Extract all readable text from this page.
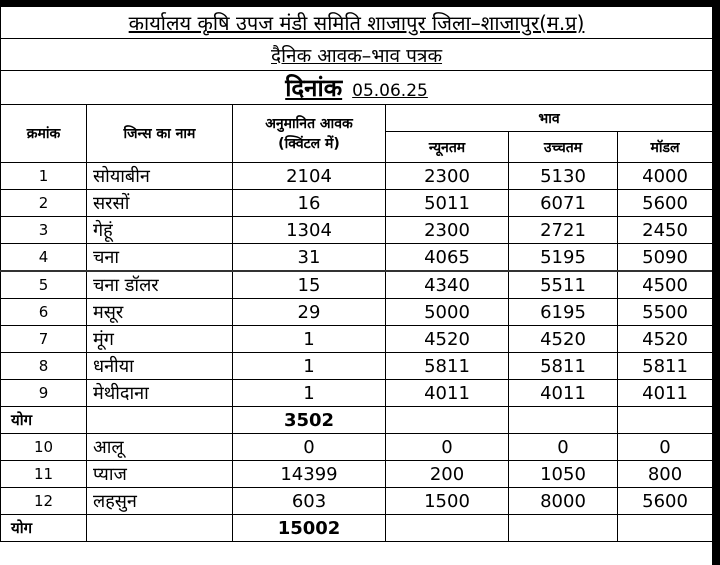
कार्यालय कृषि उपज मंडी समिति शाजापुर जिला–शाजापुर(म.प्र)					
दैनिक आवक–भाव पत्रक					
दिनांक 05.06.25					
क्रमांक	जिन्स का नाम	अनुमानित आवक
(क्विंटल में)	भाव		
			न्यूनतम	उच्चतम	मॉडल
1	सोयाबीन	2104	2300	5130	4000
2	सरसों	16	5011	6071	5600
3	गेहूं	1304	2300	2721	2450
4	चना	31	4065	5195	5090
5	चना डॉलर	15	4340	5511	4500
6	मसूर	29	5000	6195	5500
7	मूंग	1	4520	4520	4520
8	धनीया	1	5811	5811	5811
9	मेथीदाना	1	4011	4011	4011
योग		3502			
10	आलू	0	0	0	0
11	प्याज	14399	200	1050	800
12	लहसुन	603	1500	8000	5600
योग		15002			
